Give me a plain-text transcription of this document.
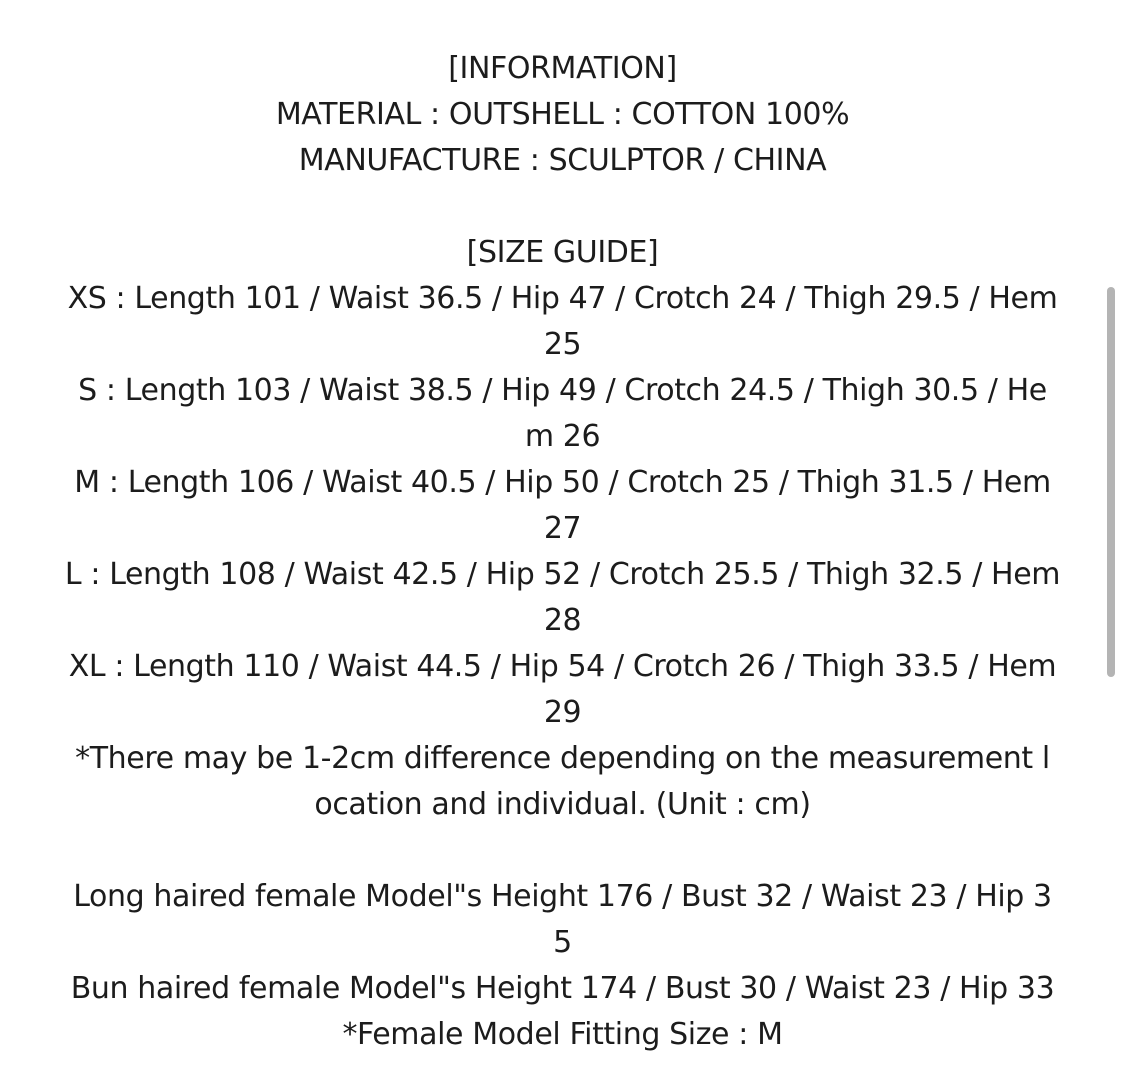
[INFORMATION]
MATERIAL : OUTSHELL : COTTON 100%
MANUFACTURE : SCULPTOR / CHINA
[SIZE GUIDE]
XS : Length 101 / Waist 36.5 / Hip 47 / Crotch 24 / Thigh 29.5 / Hem
25
S : Length 103 / Waist 38.5 / Hip 49 / Crotch 24.5 / Thigh 30.5 / He
m 26
M : Length 106 / Waist 40.5 / Hip 50 / Crotch 25 / Thigh 31.5 / Hem
27
L : Length 108 / Waist 42.5 / Hip 52 / Crotch 25.5 / Thigh 32.5 / Hem
28
XL : Length 110 / Waist 44.5 / Hip 54 / Crotch 26 / Thigh 33.5 / Hem
29
*There may be 1-2cm difference depending on the measurement l
ocation and individual. (Unit : cm)
Long haired female Model"s Height 176 / Bust 32 / Waist 23 / Hip 3
5
Bun haired female Model"s Height 174 / Bust 30 / Waist 23 / Hip 33
*Female Model Fitting Size : M
